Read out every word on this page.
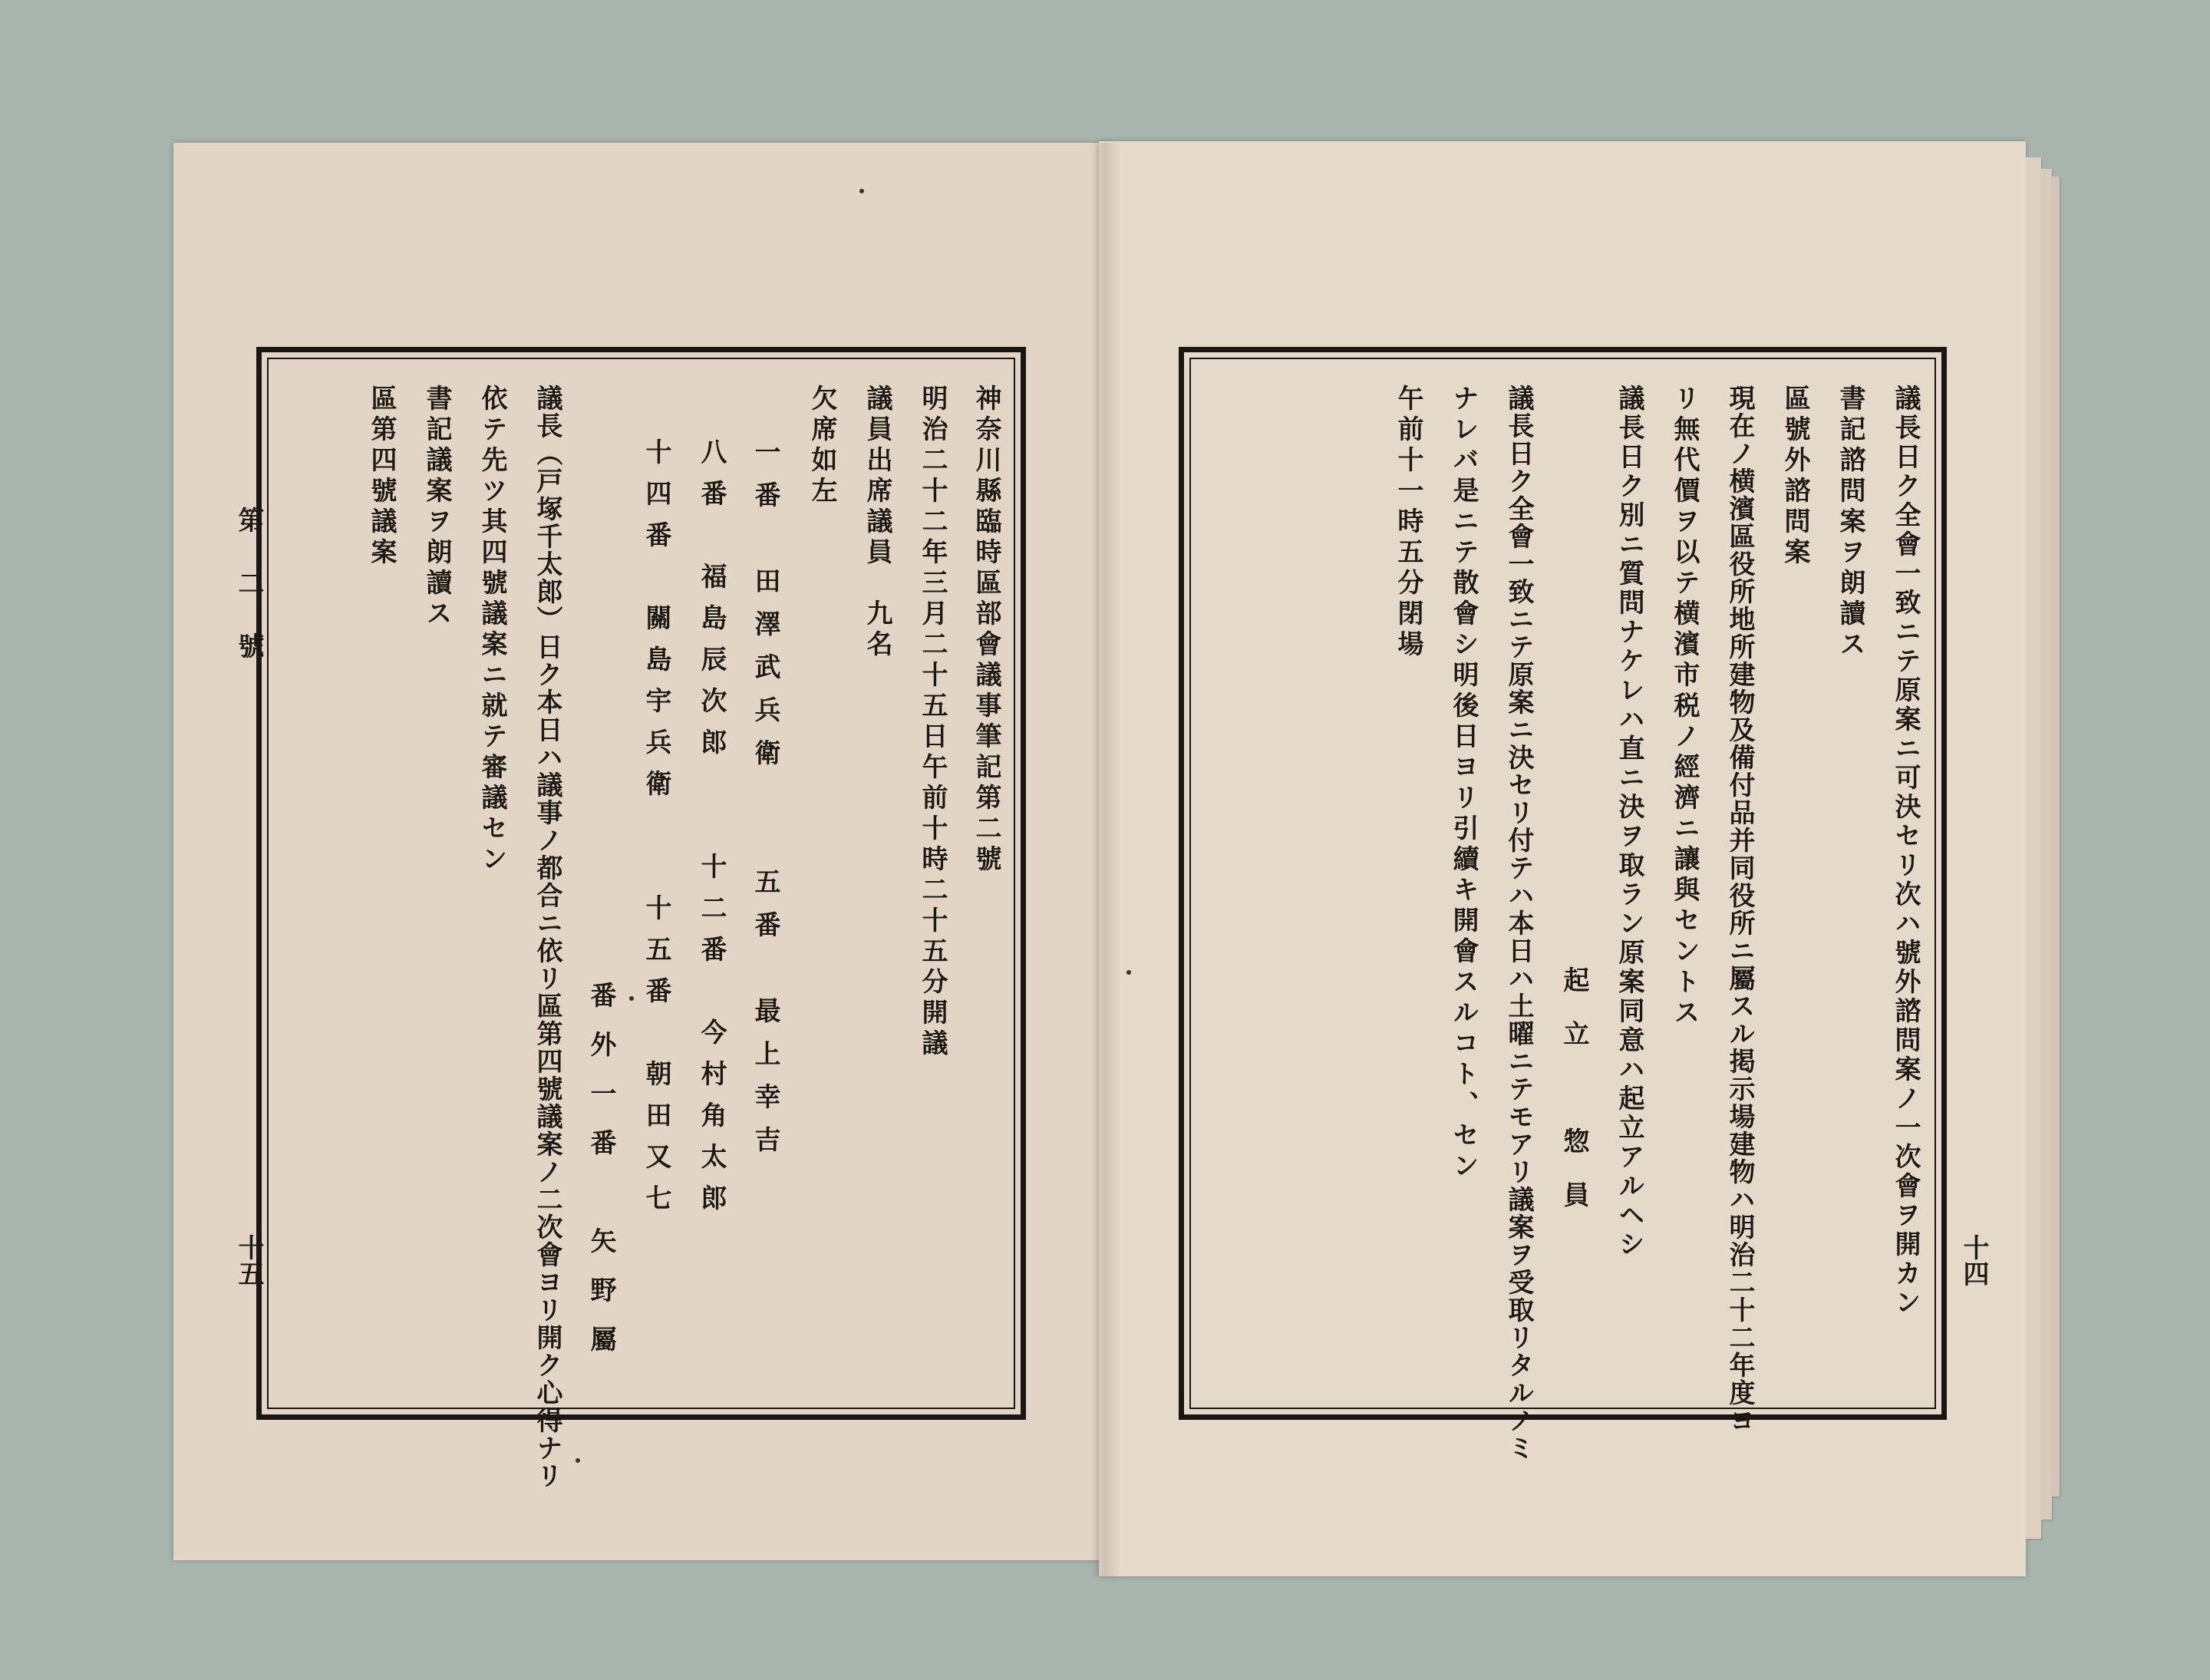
第二號
十五
神奈川縣臨時區部會議事筆記第二號
明治二十二年三月二十五日午前十時二十五分開議
議員出席議員　九名
欠席如左
一番　田澤武兵衛　　五番　最上幸吉
八番　福島辰次郎　　十二番　今村角太郎
十四番　關島宇兵衛　　十五番　朝田又七
番外一番　矢野屬
議長（戸塚千太郎）日ク本日ハ議事ノ都合ニ依リ區第四號議案ノ二次會ヨリ開ク心得ナリ
依テ先ツ其四號議案ニ就テ審議セン
書記議案ヲ朗讀ス
區第四號議案
十四
議長日ク全會一致ニテ原案ニ可決セリ次ハ號外諮問案ノ一次會ヲ開カン
書記諮問案ヲ朗讀ス
區號外諮問案
現在ノ横濱區役所地所建物及備付品并同役所ニ屬スル掲示場建物ハ明治二十二年度ヨ
リ無代價ヲ以テ横濱市税ノ經濟ニ讓與セントス
議長日ク別ニ質問ナケレハ直ニ決ヲ取ラン原案同意ハ起立アルヘシ
起立　惣員
議長日ク全會一致ニテ原案ニ決セリ付テハ本日ハ土曜ニテモアリ議案ヲ受取リタルノミ
ナレバ是ニテ散會シ明後日ヨリ引續キ開會スルコト、セン
午前十一時五分閉場
